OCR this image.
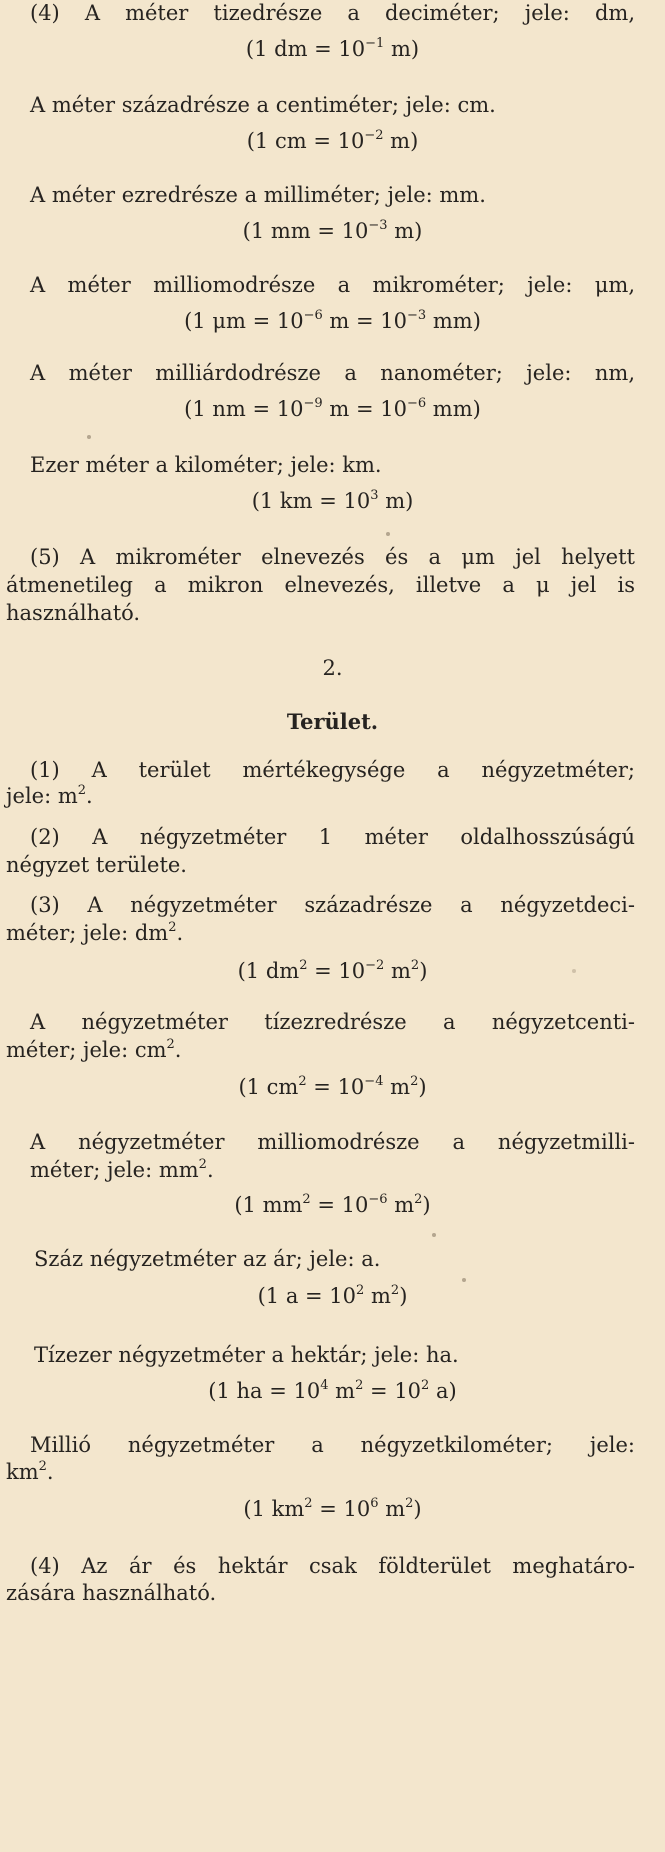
(4) A méter tizedrésze a deciméter; jele: dm,
(1 dm = $10^{-1}$ m)
A méter századrésze a centiméter; jele: cm.
(1 cm = $10^{-2}$ m)
A méter ezredrésze a milliméter; jele: mm.
(1 mm = $10^{-3}$ m)
A méter milliomodrésze a mikrométer; jele: μm,
(1 $\mu m = 10^{-6}$ $m = 10^{-3}$ mm)
A méter milliárdodrésze a nanométer; jele: nm,
(1 nm = $10^{-9}$ $m = 10^{-6}$ mm)
Ezer méter a kilométer; jele: km.
(1 km = $10^3$ m)
(5) A mikrométer elnevezés és a μm jel helyett
átmenetileg a mikron elnevezés, illetve a μ jel is
használható.
2.
Terület.
(1) A terület mértékegysége a négyzetméter;
jele: $m^2$.
(2) A négyzetméter 1 méter oldalhosszúságú
négyzet területe.
(3) A négyzetméter századrésze a négyzetdeci-
méter; jele: $dm^2$.
(1 $dm^2 = 10^{-2}$ $m^2$)
A négyzetméter tízezredrésze a négyzetcenti-
méter; jele: $cm^2$.
(1 $cm^2 = 10^{-4}$ $m^2$)
A négyzetméter milliomodrésze a négyzetmilli-
méter; jele: $mm^2$.
(1 $mm^2 = 10^{-6}$ $m^2$)
Száz négyzetméter az ár; jele: a.
(1 $a = 10^2$ $m^2$)
Tízezer négyzetméter a hektár; jele: ha.
(1 ha = $10^4$ $m^2 = 10^2$ a)
Millió négyzetméter a négyzetkilométer; jele:
$km^2$.
(1 $km^2 = 10^6$ $m^2$)
(4) Az ár és hektár csak földterület meghatáro-
zására használható.
